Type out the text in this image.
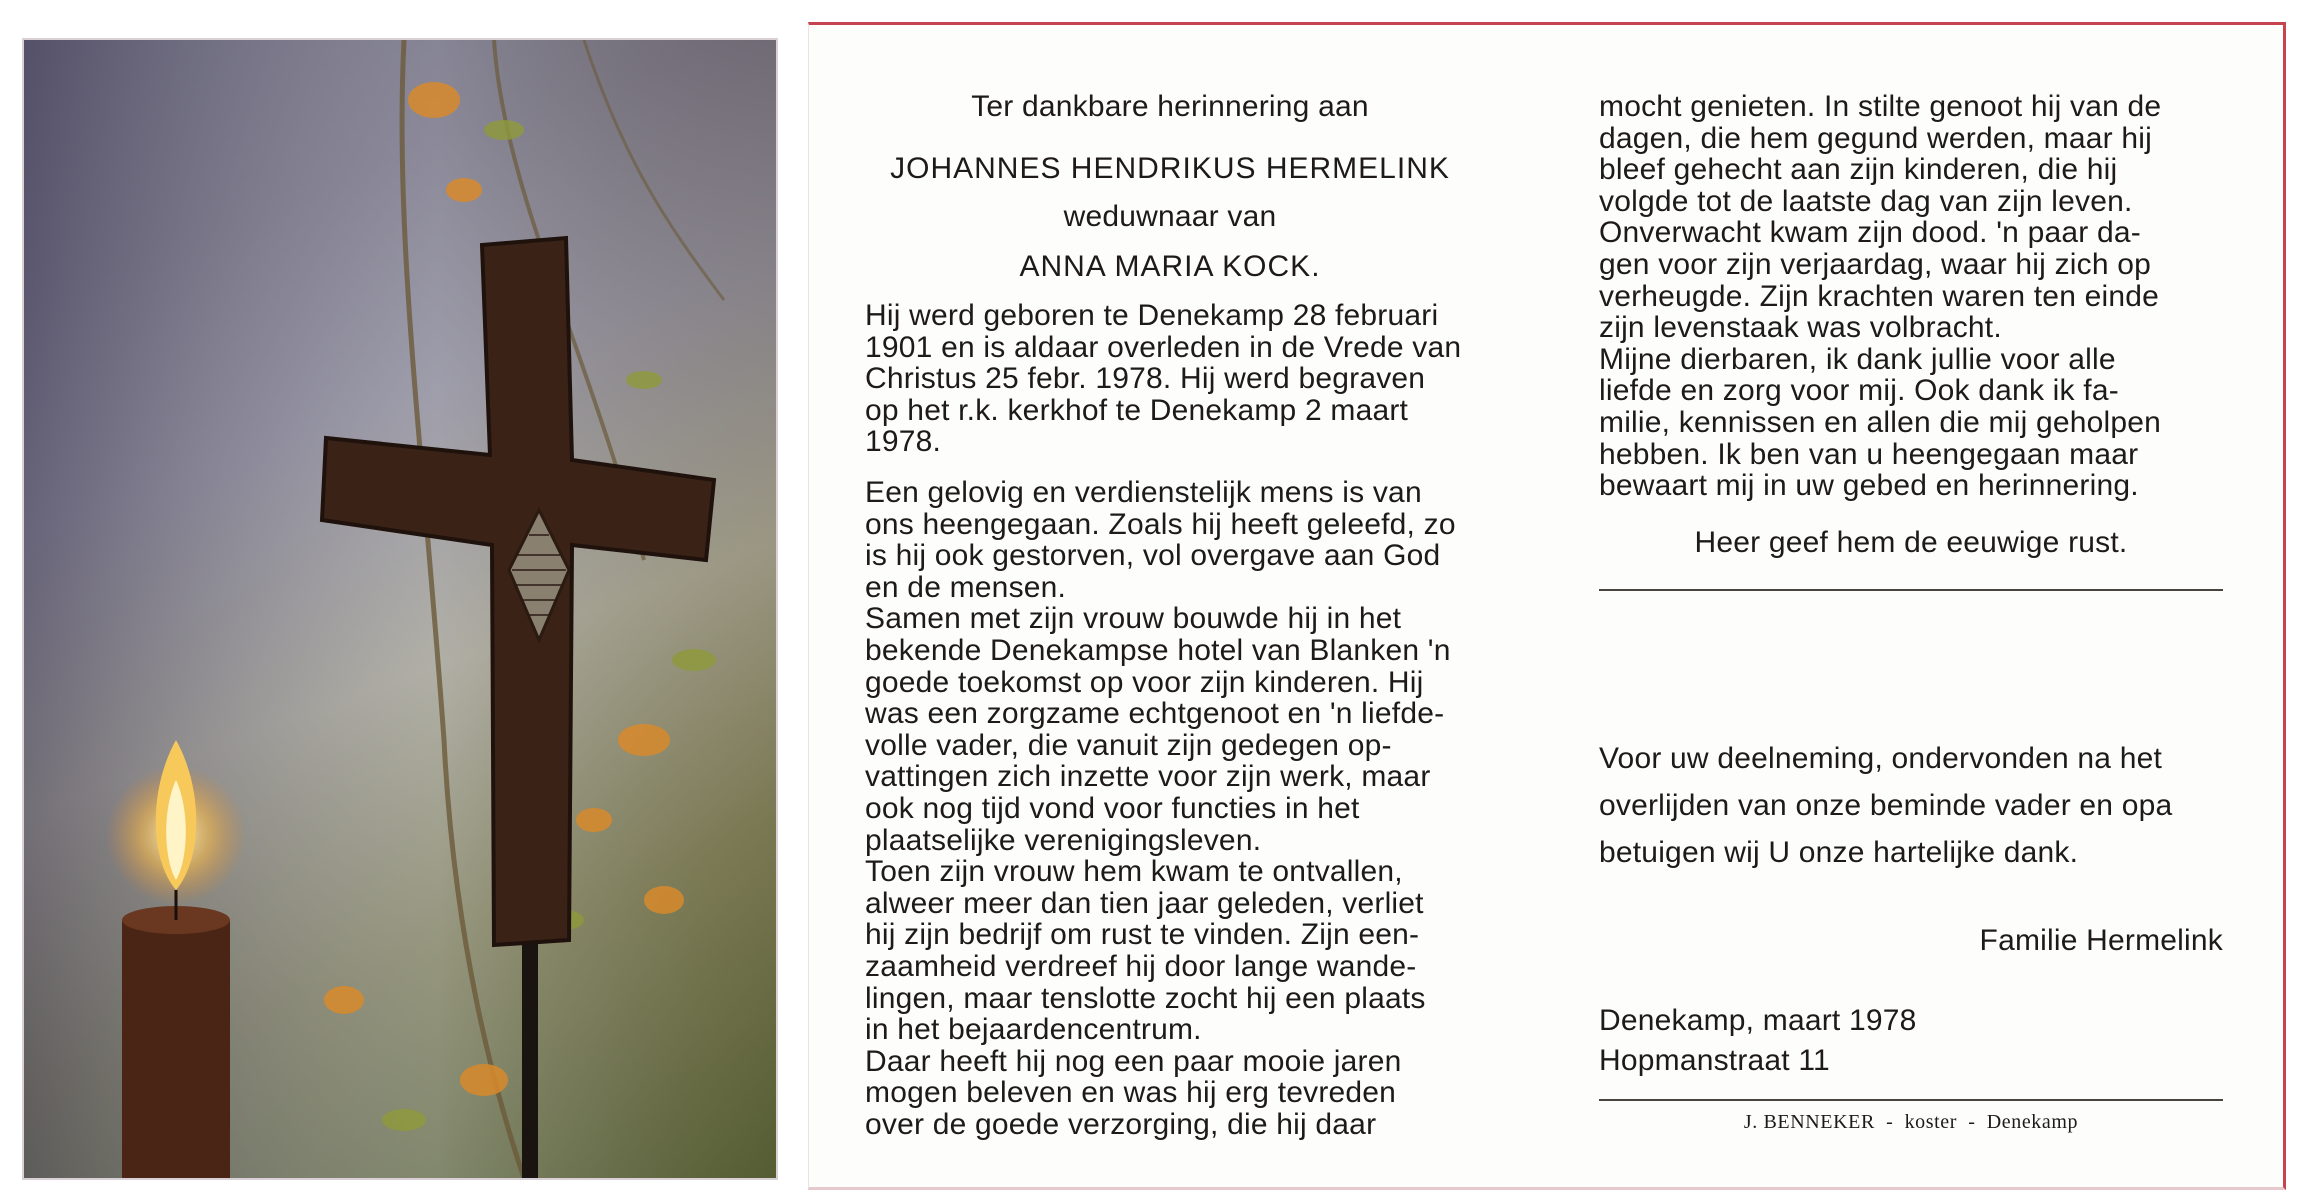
Ter dankbare herinnering aan
JOHANNES HENDRIKUS HERMELINK
weduwnaar van
ANNA MARIA KOCK.
Hij werd geboren te Denekamp 28 februari
1901 en is aldaar overleden in de Vrede van
Christus 25 febr. 1978. Hij werd begraven
op het r.k. kerkhof te Denekamp 2 maart
1978.
Een gelovig en verdienstelijk mens is van
ons heengegaan. Zoals hij heeft geleefd, zo
is hij ook gestorven, vol overgave aan God
en de mensen.
Samen met zijn vrouw bouwde hij in het
bekende Denekampse hotel van Blanken 'n
goede toekomst op voor zijn kinderen. Hij
was een zorgzame echtgenoot en 'n liefde-
volle vader, die vanuit zijn gedegen op-
vattingen zich inzette voor zijn werk, maar
ook nog tijd vond voor functies in het
plaatselijke verenigingsleven.
Toen zijn vrouw hem kwam te ontvallen,
alweer meer dan tien jaar geleden, verliet
hij zijn bedrijf om rust te vinden. Zijn een-
zaamheid verdreef hij door lange wande-
lingen, maar tenslotte zocht hij een plaats
in het bejaardencentrum.
Daar heeft hij nog een paar mooie jaren
mogen beleven en was hij erg tevreden
over de goede verzorging, die hij daar
mocht genieten. In stilte genoot hij van de
dagen, die hem gegund werden, maar hij
bleef gehecht aan zijn kinderen, die hij
volgde tot de laatste dag van zijn leven.
Onverwacht kwam zijn dood. 'n paar da-
gen voor zijn verjaardag, waar hij zich op
verheugde. Zijn krachten waren ten einde
zijn levenstaak was volbracht.
Mijne dierbaren, ik dank jullie voor alle
liefde en zorg voor mij. Ook dank ik fa-
milie, kennissen en allen die mij geholpen
hebben. Ik ben van u heengegaan maar
bewaart mij in uw gebed en herinnering.
Heer geef hem de eeuwige rust.
Voor uw deelneming, ondervonden na het
overlijden van onze beminde vader en opa
betuigen wij U onze hartelijke dank.
Familie Hermelink
Denekamp, maart 1978
Hopmanstraat 11
J. BENNEKER  -  koster  -  Denekamp
